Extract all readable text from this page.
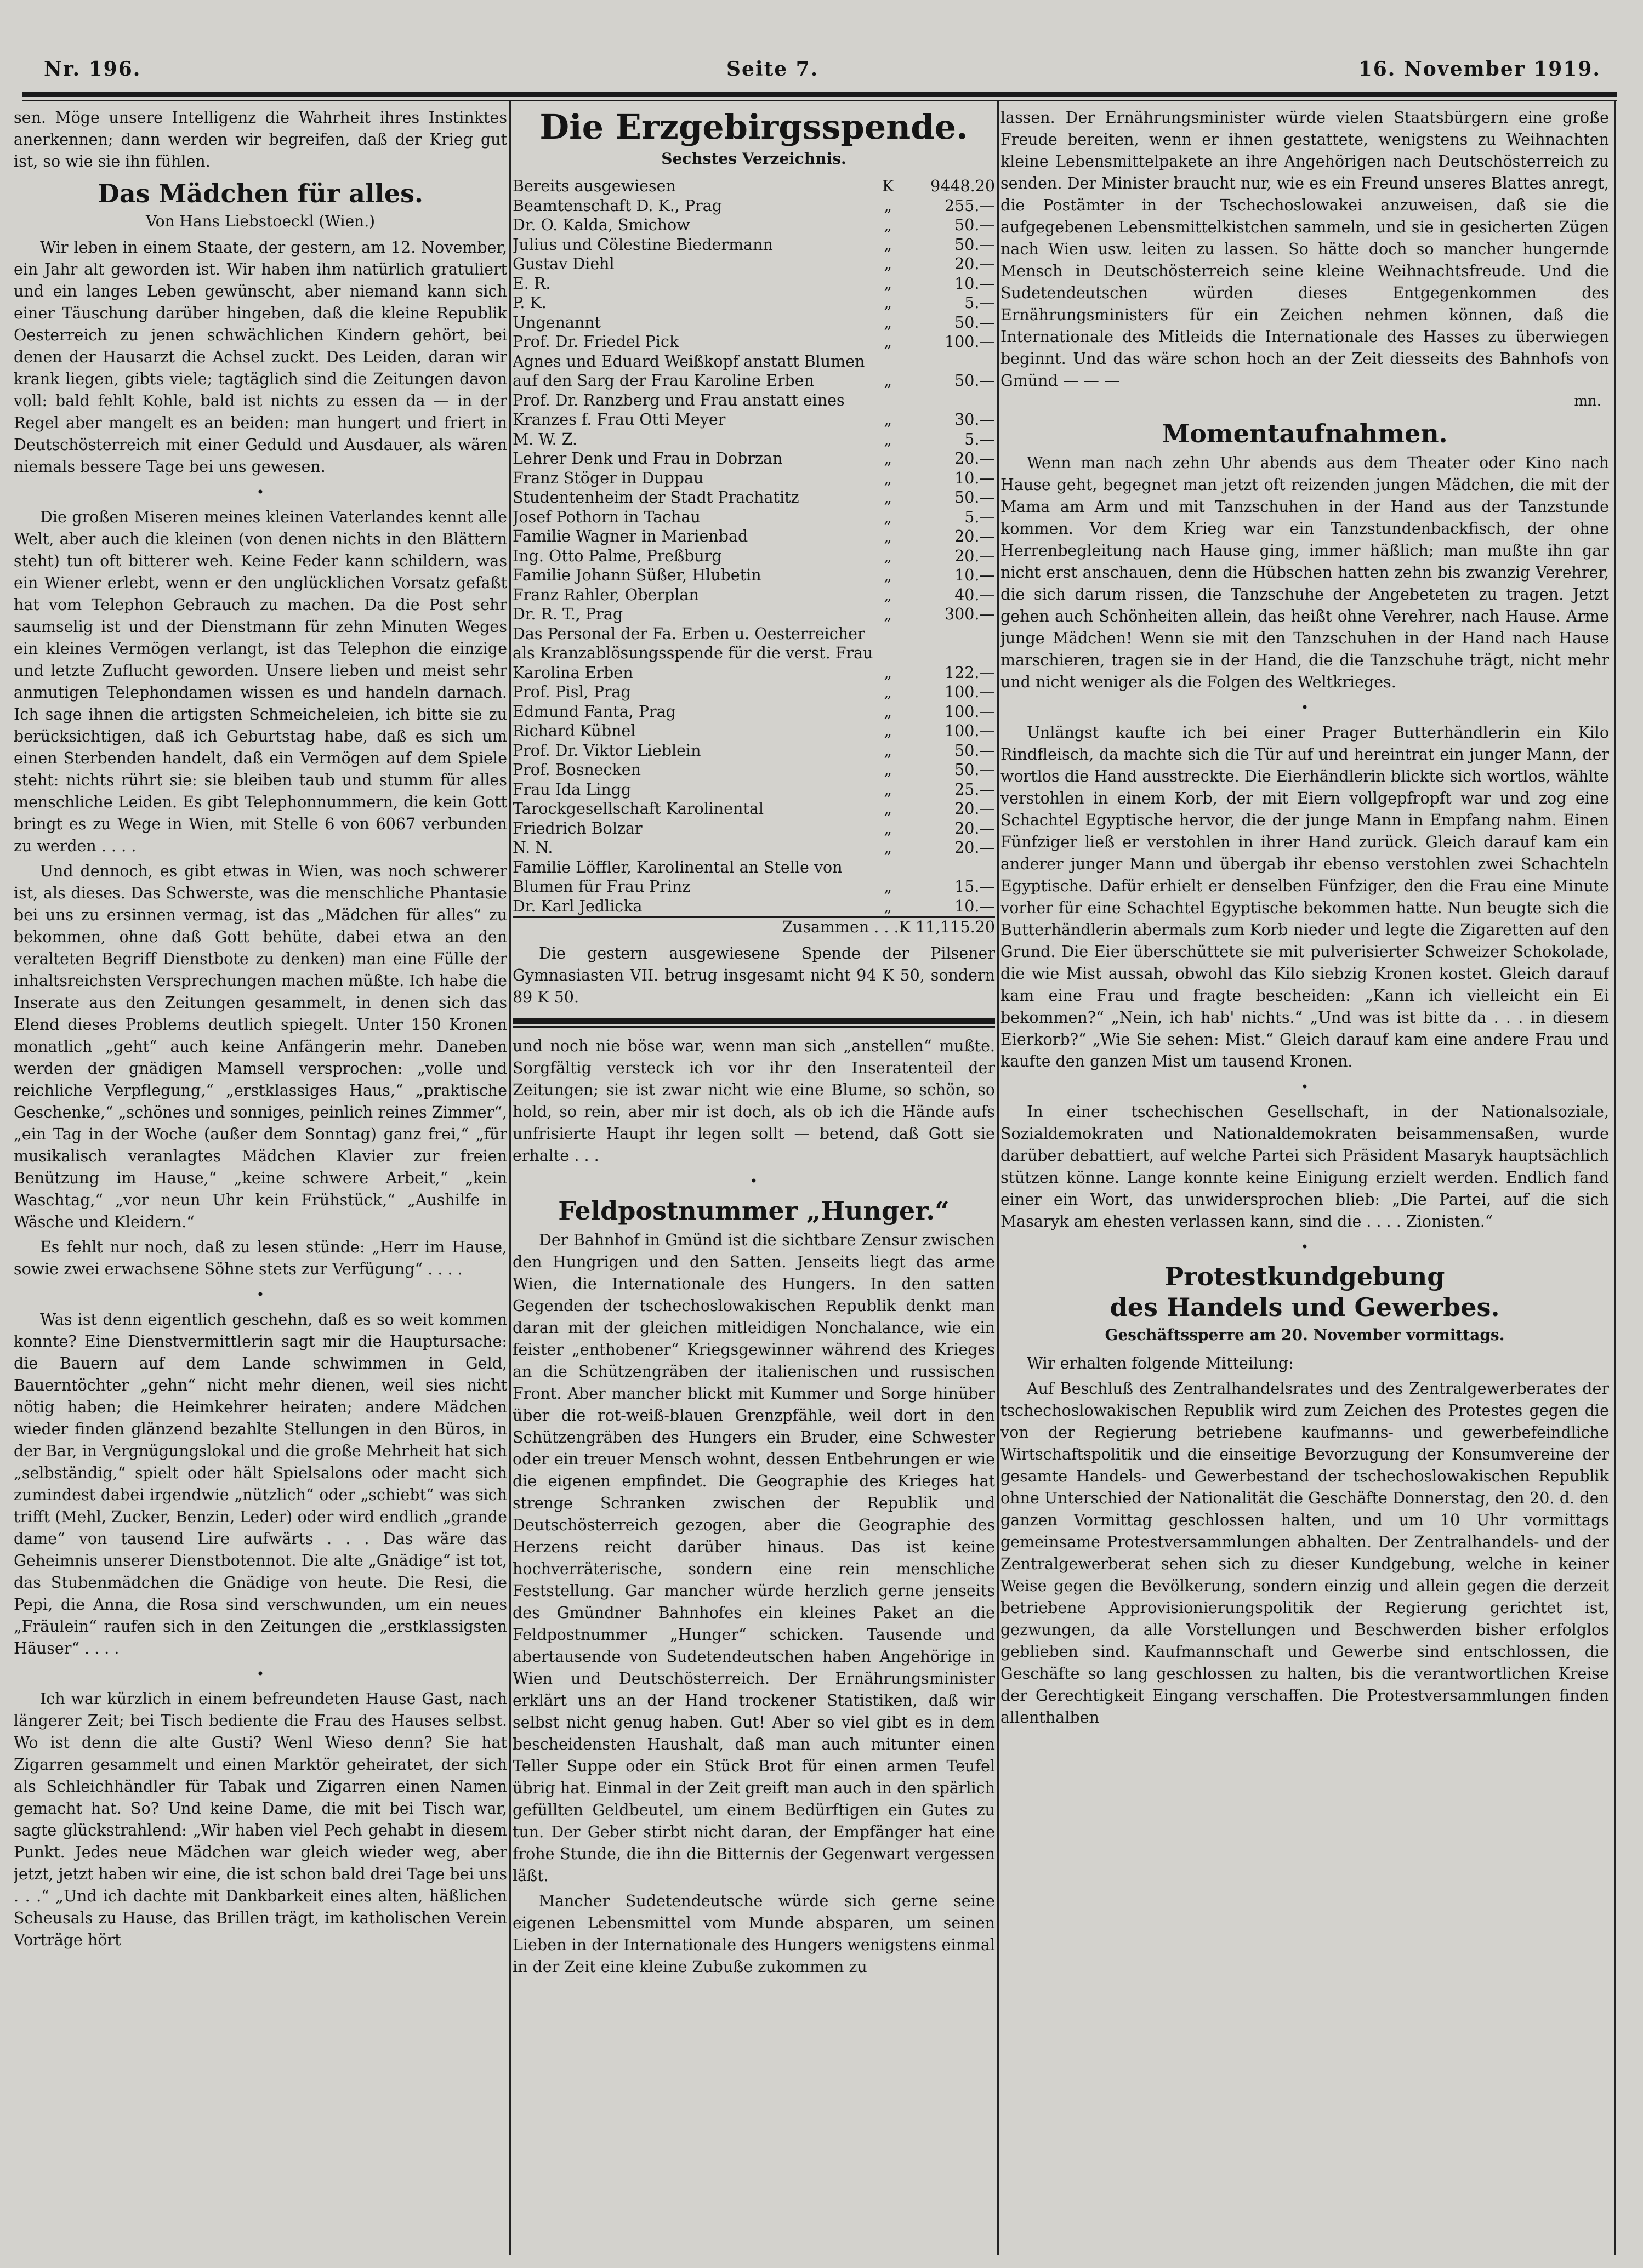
Nr. 196.	Seite 7.	16. November 1919.

sen. Möge unsere Intelligenz die Wahrheit ihres Instinktes anerkennen; dann werden wir begreifen, daß der Krieg gut ist, so wie sie ihn fühlen.

Das Mädchen für alles.
Von Hans Liebstoeckl (Wien.)

Wir leben in einem Staate, der gestern, am 12. November, ein Jahr alt geworden ist. Wir haben ihm natürlich gratuliert und ein langes Leben gewünscht, aber niemand kann sich einer Täuschung darüber hingeben, daß die kleine Republik Oesterreich zu jenen schwächlichen Kindern gehört, bei denen der Hausarzt die Achsel zuckt. Des Leiden, daran wir krank liegen, gibts viele; tagtäglich sind die Zeitungen davon voll: bald fehlt Kohle, bald ist nichts zu essen da — in der Regel aber mangelt es an beiden: man hungert und friert in Deutschösterreich mit einer Geduld und Ausdauer, als wären niemals bessere Tage bei uns gewesen.

•

Die großen Miseren meines kleinen Vaterlandes kennt alle Welt, aber auch die kleinen (von denen nichts in den Blättern steht) tun oft bitterer weh. Keine Feder kann schildern, was ein Wiener erlebt, wenn er den unglücklichen Vorsatz gefaßt hat vom Telephon Gebrauch zu machen. Da die Post sehr saumselig ist und der Dienstmann für zehn Minuten Weges ein kleines Vermögen verlangt, ist das Telephon die einzige und letzte Zuflucht geworden. Unsere lieben und meist sehr anmutigen Telephondamen wissen es und handeln darnach. Ich sage ihnen die artigsten Schmeicheleien, ich bitte sie zu berücksichtigen, daß ich Geburtstag habe, daß es sich um einen Sterbenden handelt, daß ein Vermögen auf dem Spiele steht: nichts rührt sie: sie bleiben taub und stumm für alles menschliche Leiden. Es gibt Telephonnummern, die kein Gott bringt es zu Wege in Wien, mit Stelle 6 von 6067 verbunden zu werden . . . .

Und dennoch, es gibt etwas in Wien, was noch schwerer ist, als dieses. Das Schwerste, was die menschliche Phantasie bei uns zu ersinnen vermag, ist das „Mädchen für alles“ zu bekommen, ohne daß Gott behüte, dabei etwa an den veralteten Begriff Dienstbote zu denken) man eine Fülle der inhaltsreichsten Versprechungen machen müßte. Ich habe die Inserate aus den Zeitungen gesammelt, in denen sich das Elend dieses Problems deutlich spiegelt. Unter 150 Kronen monatlich „geht“ auch keine Anfängerin mehr. Daneben werden der gnädigen Mamsell versprochen: „volle und reichliche Verpflegung,“ „erstklassiges Haus,“ „praktische Geschenke,“ „schönes und sonniges, peinlich reines Zimmer“, „ein Tag in der Woche (außer dem Sonntag) ganz frei,“ „für musikalisch veranlagtes Mädchen Klavier zur freien Benützung im Hause,“ „keine schwere Arbeit,“ „kein Waschtag,“ „vor neun Uhr kein Frühstück,“ „Aushilfe in Wäsche und Kleidern.“

Es fehlt nur noch, daß zu lesen stünde: „Herr im Hause, sowie zwei erwachsene Söhne stets zur Verfügung“ . . . .

•

Was ist denn eigentlich geschehn, daß es so weit kommen konnte? Eine Dienstvermittlerin sagt mir die Hauptursache: die Bauern auf dem Lande schwimmen in Geld, Bauerntöchter „gehn“ nicht mehr dienen, weil sies nicht nötig haben; die Heimkehrer heiraten; andere Mädchen wieder finden glänzend bezahlte Stellungen in den Büros, in der Bar, in Vergnügungslokal und die große Mehrheit hat sich „selbständig,“ spielt oder hält Spielsalons oder macht sich zumindest dabei irgendwie „nützlich“ oder „schiebt“ was sich trifft (Mehl, Zucker, Benzin, Leder) oder wird endlich „grande dame“ von tausend Lire aufwärts . . . Das wäre das Geheimnis unserer Dienstbotennot. Die alte „Gnädige“ ist tot, das Stubenmädchen die Gnädige von heute. Die Resi, die Pepi, die Anna, die Rosa sind verschwunden, um ein neues „Fräulein“ raufen sich in den Zeitungen die „erstklassigsten Häuser“ . . . .

•

Ich war kürzlich in einem befreundeten Hause Gast, nach längerer Zeit; bei Tisch bediente die Frau des Hauses selbst. Wo ist denn die alte Gusti? Wenl Wieso denn? Sie hat Zigarren gesammelt und einen Marktör geheiratet, der sich als Schleichhändler für Tabak und Zigarren einen Namen gemacht hat. So? Und keine Dame, die mit bei Tisch war, sagte glückstrahlend: „Wir haben viel Pech gehabt in diesem Punkt. Jedes neue Mädchen war gleich wieder weg, aber jetzt, jetzt haben wir eine, die ist schon bald drei Tage bei uns . . .“ „Und ich dachte mit Dankbarkeit eines alten, häßlichen Scheusals zu Hause, das Brillen trägt, im katholischen Verein Vorträge hört

Die Erzgebirgsspende.
Sechstes Verzeichnis.
Bereits ausgewiesen	K	9448.20
Beamtenschaft D. K., Prag	„	255.—
Dr. O. Kalda, Smichow	„	50.—
Julius und Cölestine Biedermann	„	50.—
Gustav Diehl	„	20.—
E. R.	„	10.—
P. K.	„	5.—
Ungenannt	„	50.—
Prof. Dr. Friedel Pick	„	100.—
Agnes und Eduard Weißkopf anstatt Blumen auf den Sarg der Frau Karoline Erben	„	50.—
Prof. Dr. Ranzberg und Frau anstatt eines Kranzes f. Frau Otti Meyer	„	30.—
M. W. Z.	„	5.—
Lehrer Denk und Frau in Dobrzan	„	20.—
Franz Stöger in Duppau	„	10.—
Studentenheim der Stadt Prachatitz	„	50.—
Josef Pothorn in Tachau	„	5.—
Familie Wagner in Marienbad	„	20.—
Ing. Otto Palme, Preßburg	„	20.—
Familie Johann Süßer, Hlubetin	„	10.—
Franz Rahler, Oberplan	„	40.—
Dr. R. T., Prag	„	300.—
Das Personal der Fa. Erben u. Oesterreicher als Kranzablösungsspende für die verst. Frau Karolina Erben	„	122.—
Prof. Pisl, Prag	„	100.—
Edmund Fanta, Prag	„	100.—
Richard Kübnel	„	100.—
Prof. Dr. Viktor Lieblein	„	50.—
Prof. Bosnecken	„	50.—
Frau Ida Lingg	„	25.—
Tarockgesellschaft Karolinental	„	20.—
Friedrich Bolzar	„	20.—
N. N.	„	20.—
Familie Löffler, Karolinental an Stelle von Blumen für Frau Prinz	„	15.—
Dr. Karl Jedlicka	„	10.—
Zusammen . . .		K 11,115.20

Die gestern ausgewiesene Spende der Pilsener Gymnasiasten VII. betrug insgesamt nicht 94 K 50, sondern 89 K 50.

und noch nie böse war, wenn man sich „anstellen“ mußte. Sorgfältig versteck ich vor ihr den Inseratenteil der Zeitungen; sie ist zwar nicht wie eine Blume, so schön, so hold, so rein, aber mir ist doch, als ob ich die Hände aufs unfrisierte Haupt ihr legen sollt — betend, daß Gott sie erhalte . . .

•
Feldpostnummer „Hunger.“

Der Bahnhof in Gmünd ist die sichtbare Zensur zwischen den Hungrigen und den Satten. Jenseits liegt das arme Wien, die Internationale des Hungers. In den satten Gegenden der tschechoslowakischen Republik denkt man daran mit der gleichen mitleidigen Nonchalance, wie ein feister „enthobener“ Kriegsgewinner während des Krieges an die Schützengräben der italienischen und russischen Front. Aber mancher blickt mit Kummer und Sorge hinüber über die rot-weiß-blauen Grenzpfähle, weil dort in den Schützengräben des Hungers ein Bruder, eine Schwester oder ein treuer Mensch wohnt, dessen Entbehrungen er wie die eigenen empfindet. Die Geographie des Krieges hat strenge Schranken zwischen der Republik und Deutschösterreich gezogen, aber die Geographie des Herzens reicht darüber hinaus. Das ist keine hochverräterische, sondern eine rein menschliche Feststellung. Gar mancher würde herzlich gerne jenseits des Gmündner Bahnhofes ein kleines Paket an die Feldpostnummer „Hunger“ schicken. Tausende und abertausende von Sudetendeutschen haben Angehörige in Wien und Deutschösterreich. Der Ernährungsminister erklärt uns an der Hand trockener Statistiken, daß wir selbst nicht genug haben. Gut! Aber so viel gibt es in dem bescheidensten Haushalt, daß man auch mitunter einen Teller Suppe oder ein Stück Brot für einen armen Teufel übrig hat. Einmal in der Zeit greift man auch in den spärlich gefüllten Geldbeutel, um einem Bedürftigen ein Gutes zu tun. Der Geber stirbt nicht daran, der Empfänger hat eine frohe Stunde, die ihn die Bitternis der Gegenwart vergessen läßt.

Mancher Sudetendeutsche würde sich gerne seine eigenen Lebensmittel vom Munde absparen, um seinen Lieben in der Internationale des Hungers wenigstens einmal in der Zeit eine kleine Zubuße zukommen zu

lassen. Der Ernährungsminister würde vielen Staatsbürgern eine große Freude bereiten, wenn er ihnen gestattete, wenigstens zu Weihnachten kleine Lebensmittelpakete an ihre Angehörigen nach Deutschösterreich zu senden. Der Minister braucht nur, wie es ein Freund unseres Blattes anregt, die Postämter in der Tschechoslowakei anzuweisen, daß sie die aufgegebenen Lebensmittelkistchen sammeln, und sie in gesicherten Zügen nach Wien usw. leiten zu lassen. So hätte doch so mancher hungernde Mensch in Deutschösterreich seine kleine Weihnachtsfreude. Und die Sudetendeutschen würden dieses Entgegenkommen des Ernährungsministers für ein Zeichen nehmen können, daß die Internationale des Mitleids die Internationale des Hasses zu überwiegen beginnt. Und das wäre schon hoch an der Zeit diesseits des Bahnhofs von Gmünd — — —

mn.
Momentaufnahmen.

Wenn man nach zehn Uhr abends aus dem Theater oder Kino nach Hause geht, begegnet man jetzt oft reizenden jungen Mädchen, die mit der Mama am Arm und mit Tanzschuhen in der Hand aus der Tanzstunde kommen. Vor dem Krieg war ein Tanzstundenbackfisch, der ohne Herrenbegleitung nach Hause ging, immer häßlich; man mußte ihn gar nicht erst anschauen, denn die Hübschen hatten zehn bis zwanzig Verehrer, die sich darum rissen, die Tanzschuhe der Angebeteten zu tragen. Jetzt gehen auch Schönheiten allein, das heißt ohne Verehrer, nach Hause. Arme junge Mädchen! Wenn sie mit den Tanzschuhen in der Hand nach Hause marschieren, tragen sie in der Hand, die die Tanzschuhe trägt, nicht mehr und nicht weniger als die Folgen des Weltkrieges.

•

Unlängst kaufte ich bei einer Prager Butterhändlerin ein Kilo Rindfleisch, da machte sich die Tür auf und hereintrat ein junger Mann, der wortlos die Hand ausstreckte. Die Eierhändlerin blickte sich wortlos, wählte verstohlen in einem Korb, der mit Eiern vollgepfropft war und zog eine Schachtel Egyptische hervor, die der junge Mann in Empfang nahm. Einen Fünfziger ließ er verstohlen in ihrer Hand zurück. Gleich darauf kam ein anderer junger Mann und übergab ihr ebenso verstohlen zwei Schachteln Egyptische. Dafür erhielt er denselben Fünfziger, den die Frau eine Minute vorher für eine Schachtel Egyptische bekommen hatte. Nun beugte sich die Butterhändlerin abermals zum Korb nieder und legte die Zigaretten auf den Grund. Die Eier überschüttete sie mit pulverisierter Schweizer Schokolade, die wie Mist aussah, obwohl das Kilo siebzig Kronen kostet. Gleich darauf kam eine Frau und fragte bescheiden: „Kann ich vielleicht ein Ei bekommen?“ „Nein, ich hab' nichts.“ „Und was ist bitte da . . . in diesem Eierkorb?“ „Wie Sie sehen: Mist.“ Gleich darauf kam eine andere Frau und kaufte den ganzen Mist um tausend Kronen.

•

In einer tschechischen Gesellschaft, in der Nationalsoziale, Sozialdemokraten und Nationaldemokraten beisammensaßen, wurde darüber debattiert, auf welche Partei sich Präsident Masaryk hauptsächlich stützen könne. Lange konnte keine Einigung erzielt werden. Endlich fand einer ein Wort, das unwidersprochen blieb: „Die Partei, auf die sich Masaryk am ehesten verlassen kann, sind die . . . . Zionisten.“

•
Protestkundgebung
des Handels und Gewerbes.
Geschäftssperre am 20. November vormittags.

Wir erhalten folgende Mitteilung:

Auf Beschluß des Zentralhandelsrates und des Zentralgewerberates der tschechoslowakischen Republik wird zum Zeichen des Protestes gegen die von der Regierung betriebene kaufmanns- und gewerbefeindliche Wirtschaftspolitik und die einseitige Bevorzugung der Konsumvereine der gesamte Handels- und Gewerbestand der tschechoslowakischen Republik ohne Unterschied der Nationalität die Geschäfte Donnerstag, den 20. d. den ganzen Vormittag geschlossen halten, und um 10 Uhr vormittags gemeinsame Protestversammlungen abhalten. Der Zentralhandels- und der Zentralgewerberat sehen sich zu dieser Kundgebung, welche in keiner Weise gegen die Bevölkerung, sondern einzig und allein gegen die derzeit betriebene Approvisionierungspolitik der Regierung gerichtet ist, gezwungen, da alle Vorstellungen und Beschwerden bisher erfolglos geblieben sind. Kaufmannschaft und Gewerbe sind entschlossen, die Geschäfte so lang geschlossen zu halten, bis die verantwortlichen Kreise der Gerechtigkeit Eingang verschaffen. Die Protestversammlungen finden allenthalben
